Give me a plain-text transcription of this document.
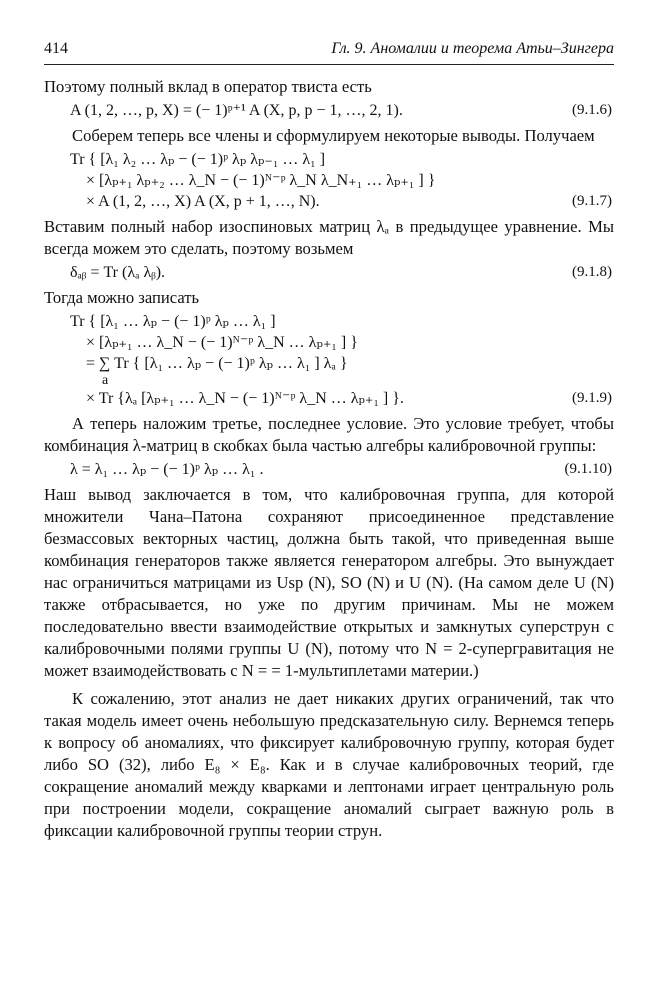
414	Гл. 9. Аномалии и теорема Атьи–Зингера

Поэтому полный вклад в оператор твиста есть

A (1, 2, …, p, X) = (− 1)ᵖ⁺¹ A (X, p, p − 1, …, 2, 1).	(9.1.6)

Соберем теперь все члены и сформулируем некоторые выводы. Получаем

Tr { [λ₁ λ₂ … λₚ − (− 1)ᵖ λₚ λₚ₋₁ … λ₁ ]
× [λₚ₊₁ λₚ₊₂ … λ_N − (− 1)ᴺ⁻ᵖ λ_N λ_N₊₁ … λₚ₊₁ ] }
× A (1, 2, …, X) A (X, p + 1, …, N).	(9.1.7)

Вставим полный набор изоспиновых матриц λₐ в предыдущее уравнение. Мы всегда можем это сделать, поэтому возьмем

δₐᵦ = Tr (λₐ λᵦ).	(9.1.8)

Тогда можно записать

Tr { [λ₁ … λₚ − (− 1)ᵖ λₚ … λ₁ ]
× [λₚ₊₁ … λ_N − (− 1)ᴺ⁻ᵖ λ_N … λₚ₊₁ ] }
= ∑ Tr { [λ₁ … λₚ − (− 1)ᵖ λₚ … λ₁ ] λₐ }
a
× Tr {λₐ [λₚ₊₁ … λ_N − (− 1)ᴺ⁻ᵖ λ_N … λₚ₊₁ ] }.	(9.1.9)

А теперь наложим третье, последнее условие. Это условие требует, чтобы комбинация λ-матриц в скобках была частью алгебры калибровочной группы:

λ = λ₁ … λₚ − (− 1)ᵖ λₚ … λ₁ .	(9.1.10)

Наш вывод заключается в том, что калибровочная группа, для которой множители Чана–Патона сохраняют присоединенное представление безмассовых векторных частиц, должна быть такой, что приведенная выше комбинация генераторов также является генератором алгебры. Это вынуждает нас ограничиться матрицами из Usp (N), SO (N) и U (N). (На самом деле U (N) также отбрасывается, но уже по другим причинам. Мы не можем последовательно ввести взаимодействие открытых и замкнутых суперструн с калибровочными полями группы U (N), потому что N = 2-супергравитация не может взаимодействовать с N = = 1-мультиплетами материи.)

К сожалению, этот анализ не дает никаких других ограничений, так что такая модель имеет очень небольшую предсказательную силу. Вернемся теперь к вопросу об аномалиях, что фиксирует калибровочную группу, которая будет либо SO (32), либо E₈ × E₈. Как и в случае калибровочных теорий, где сокращение аномалий между кварками и лептонами играет центральную роль при построении модели, сокращение аномалий сыграет важную роль в фиксации калибровочной группы теории струн.
